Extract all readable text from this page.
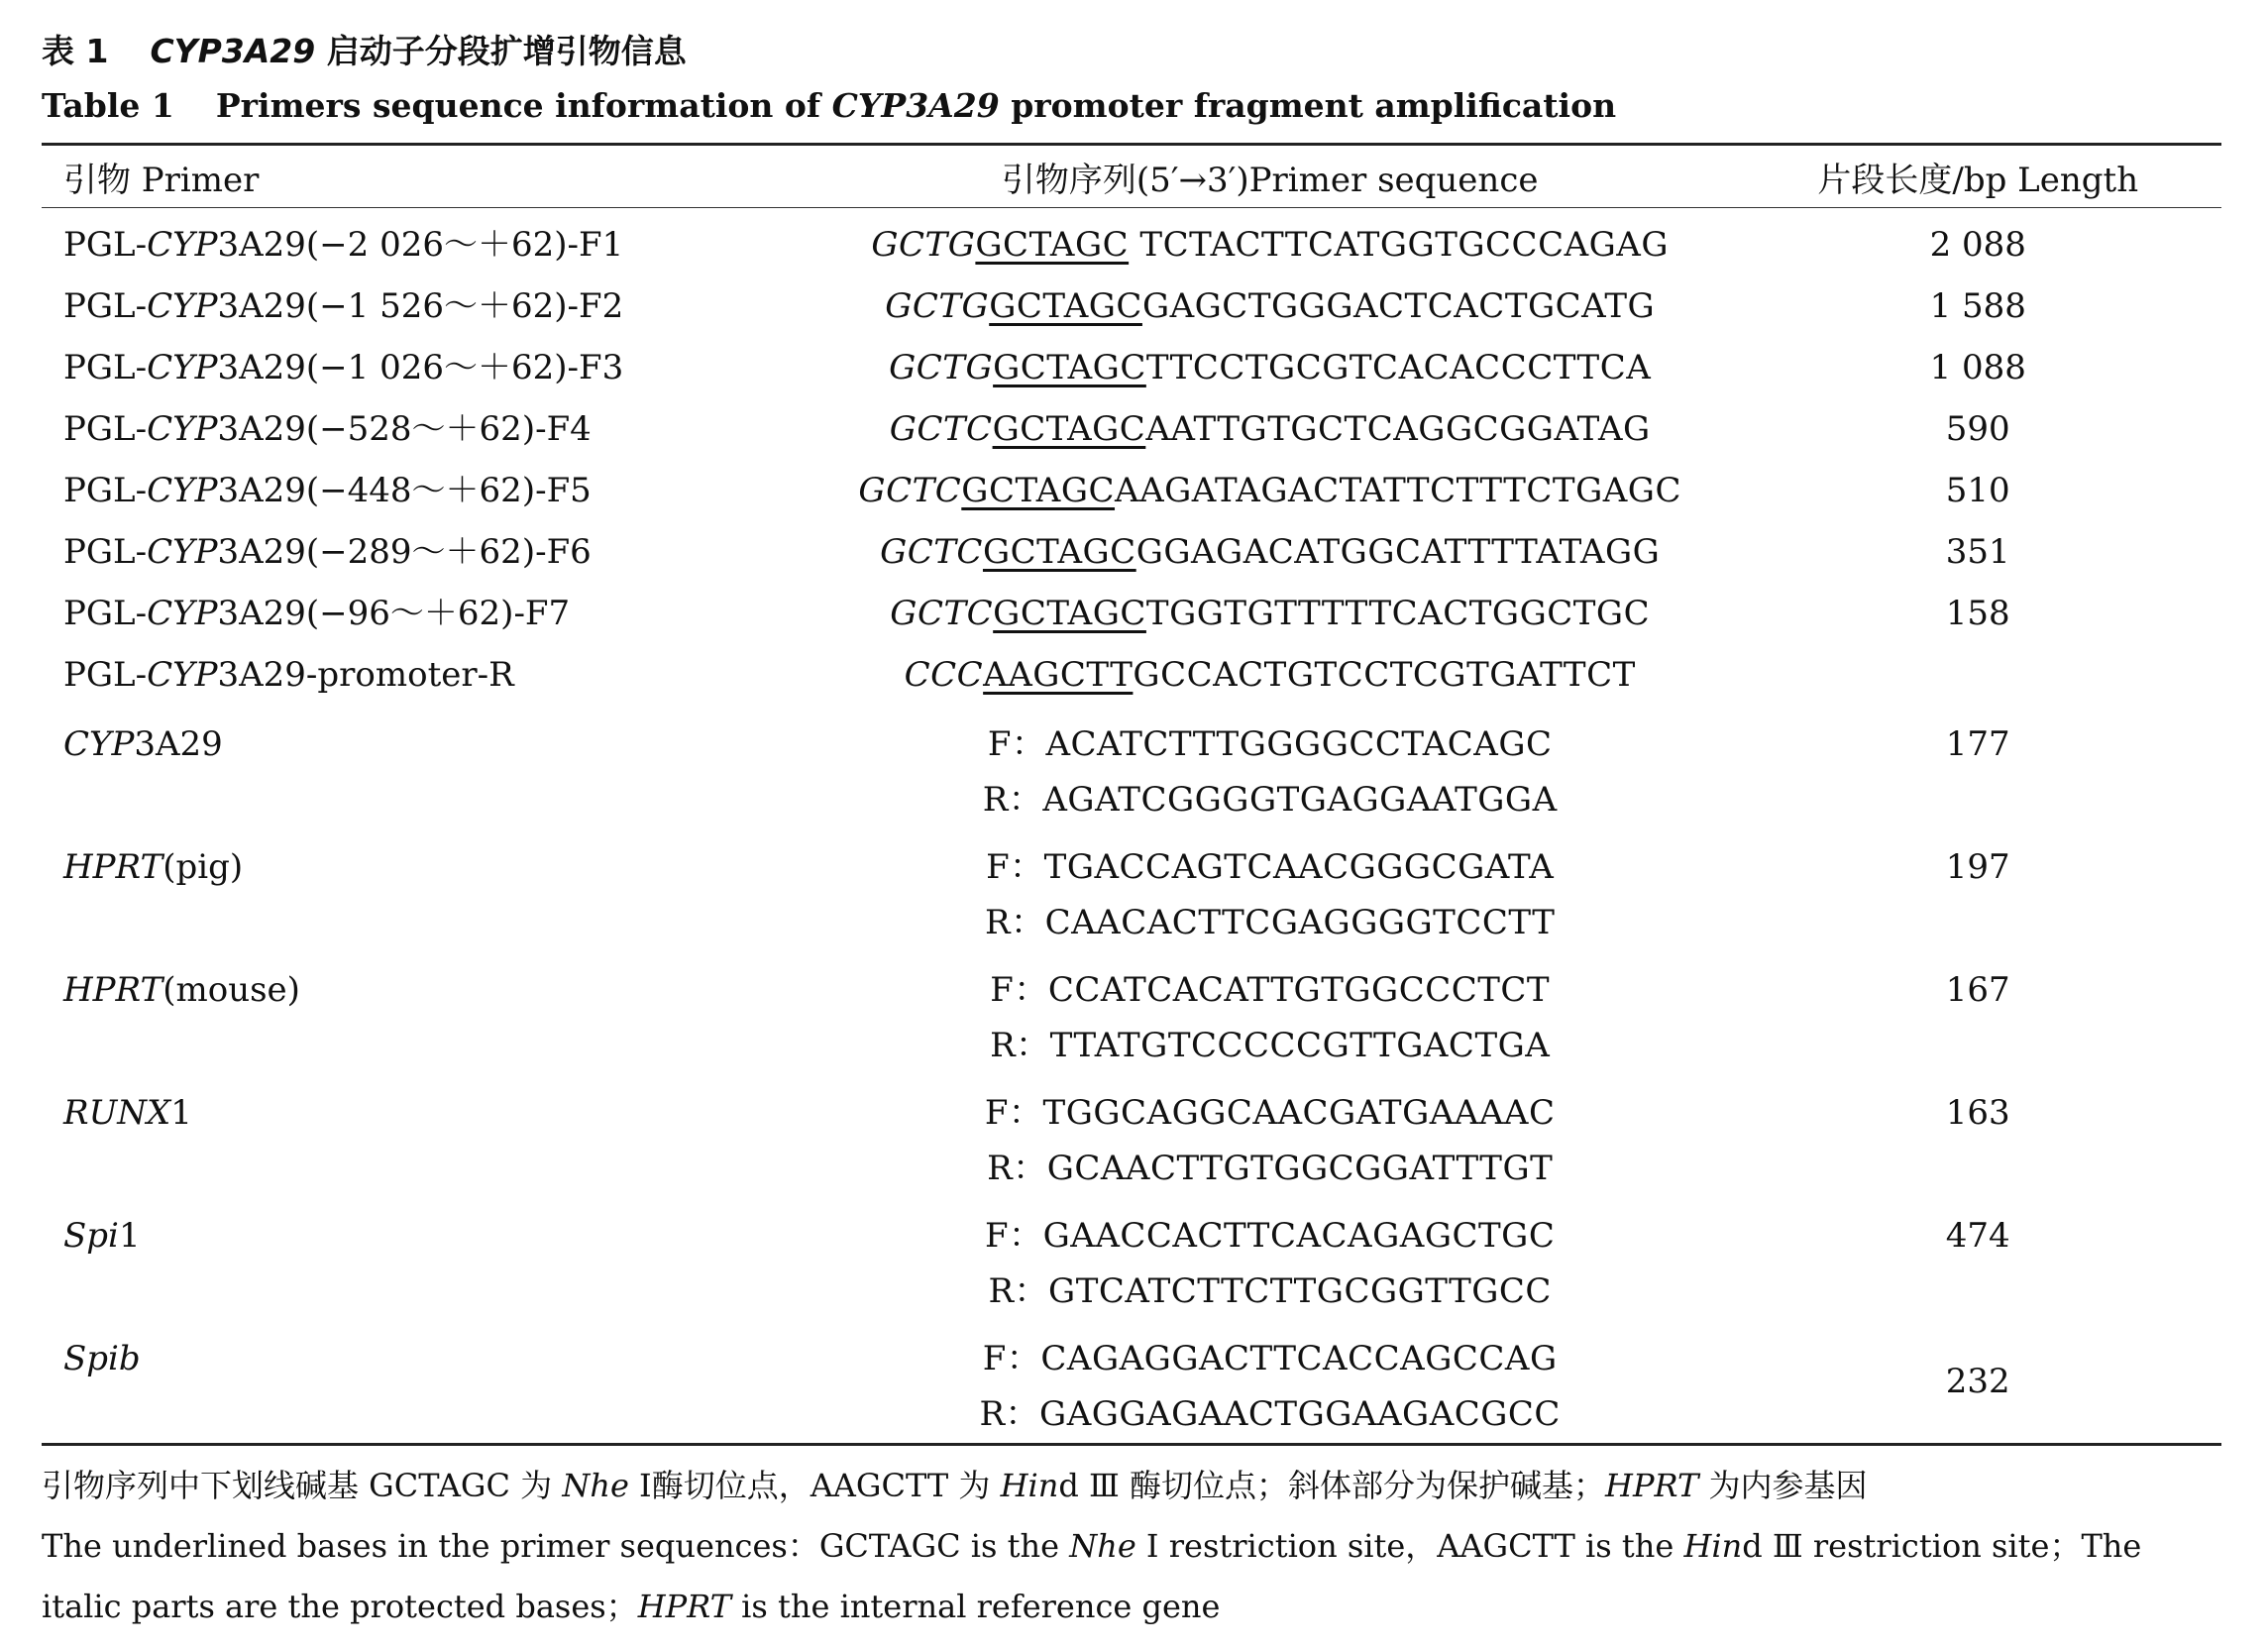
表 1 CYP3A29 启动子分段扩增引物信息
Table 1 Primers sequence information of CYP3A29 promoter fragment amplification
引物 Primer	引物序列(5′→3′)Primer sequence	片段长度/bp Length
PGL-CYP3A29(−2 026～＋62)-F1	GCTGGCTAGC TCTACTTCATGGTGCCCAGAG	2 088
PGL-CYP3A29(−1 526～＋62)-F2	GCTGGCTAGCGAGCTGGGACTCACTGCATG	1 588
PGL-CYP3A29(−1 026～＋62)-F3	GCTGGCTAGCTTCCTGCGTCACACCCTTCA	1 088
PGL-CYP3A29(−528～＋62)-F4	GCTCGCTAGCAATTGTGCTCAGGCGGATAG	590
PGL-CYP3A29(−448～＋62)-F5	GCTCGCTAGCAAGATAGACTATTCTTTCTGAGC	510
PGL-CYP3A29(−289～＋62)-F6	GCTCGCTAGCGGAGACATGGCATTTTATAGG	351
PGL-CYP3A29(−96～＋62)-F7	GCTCGCTAGCTGGTGTTTTTCACTGGCTGC	158
PGL-CYP3A29-promoter-R	CCCAAGCTTGCCACTGTCCTCGTGATTCT	

CYP3A29	F：ACATCTTTGGGGCCTACAGC
R：AGATCGGGGTGAGGAATGGA	177

HPRT(pig)	F：TGACCAGTCAACGGGCGATA
R：CAACACTTCGAGGGGTCCTT	197

HPRT(mouse)	F：CCATCACATTGTGGCCCTCT
R：TTATGTCCCCCGTTGACTGA	167

RUNX1	F：TGGCAGGCAACGATGAAAAC
R：GCAACTTGTGGCGGATTTGT	163

Spi1	F：GAACCACTTCACAGAGCTGC
R：GTCATCTTCTTGCGGTTGCC	474

Spib	F：CAGAGGACTTCACCAGCCAG
R：GAGGAGAACTGGAAGACGCC	232

引物序列中下划线碱基 GCTAGC 为 Nhe Ⅰ酶切位点，AAGCTT 为 Hind Ⅲ 酶切位点；斜体部分为保护碱基；HPRT 为内参基因

The underlined bases in the primer sequences：GCTAGC is the Nhe Ⅰ restriction site，AAGCTT is the Hind Ⅲ restriction site；The italic parts are the protected bases；HPRT is the internal reference gene
